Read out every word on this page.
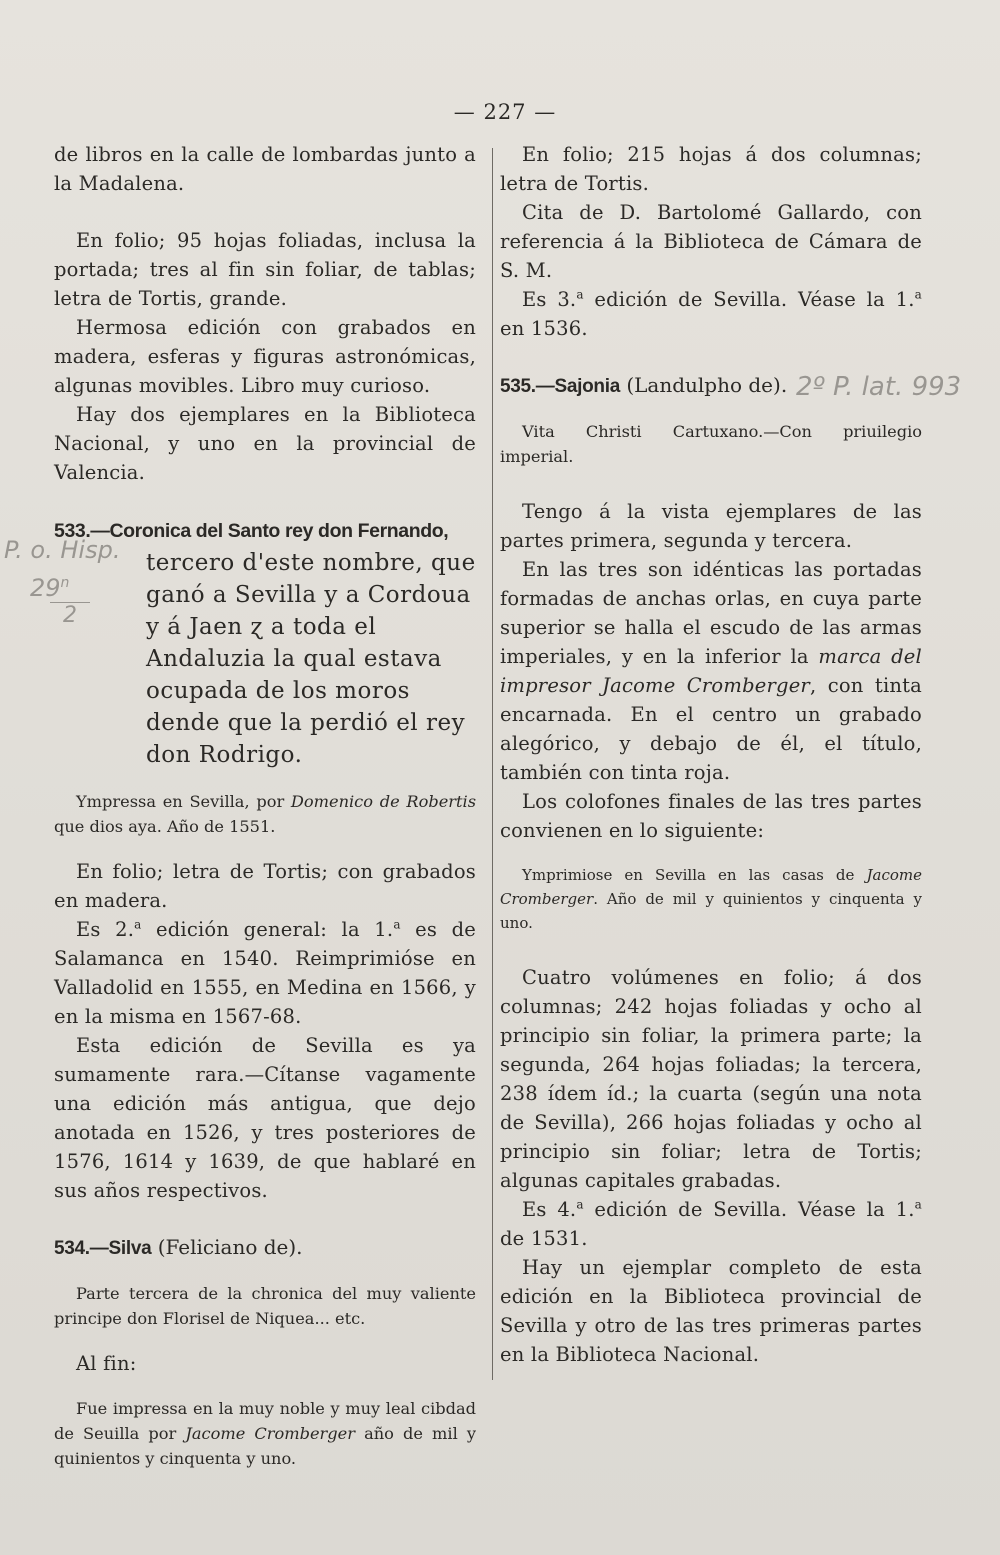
— 227 —
P. o. Hisp.
29$^n$
2
2º P. lat. 993

de libros en la calle de lombardas junto a la Madalena.

En folio; 95 hojas foliadas, inclusa la portada; tres al fin sin foliar, de tablas; letra de Tortis, grande.

Hermosa edición con grabados en madera, esferas y figuras astronómicas, algunas movibles. Libro muy curioso.

Hay dos ejemplares en la Biblioteca Nacional, y uno en la provincial de Valencia.

533.—Coronica del Santo rey don Fernando,
tercero d'este nombre, que ganó a Sevilla y a Cordoua y á Jaen ɀ a toda el Andaluzia la qual estava ocupada de los moros dende que la perdió el rey don Rodrigo.

Ympressa en Sevilla, por Domenico de Robertis que dios aya. Año de 1551.

En folio; letra de Tortis; con grabados en madera.

Es 2.$^a$ edición general: la 1.$^a$ es de Salamanca en 1540. Reimprimióse en Valladolid en 1555, en Medina en 1566, y en la misma en 1567-68.

Esta edición de Sevilla es ya sumamente rara.—Cítanse vagamente una edición más antigua, que dejo anotada en 1526, y tres posteriores de 1576, 1614 y 1639, de que hablaré en sus años respectivos.

534.—Silva (Feliciano de).

Parte tercera de la chronica del muy valiente principe don Florisel de Niquea... etc.

Al fin:

Fue impressa en la muy noble y muy leal cibdad de Seuilla por Jacome Cromberger año de mil y quinientos y cinquenta y uno.

En folio; 215 hojas á dos columnas; letra de Tortis.

Cita de D. Bartolomé Gallardo, con referencia á la Biblioteca de Cámara de S. M.

Es 3.$^a$ edición de Sevilla. Véase la 1.$^a$ en 1536.

535.—Sajonia (Landulpho de).

Vita Christi Cartuxano.—Con priuilegio imperial.

Tengo á la vista ejemplares de las partes primera, segunda y tercera.

En las tres son idénticas las portadas formadas de anchas orlas, en cuya parte superior se halla el escudo de las armas imperiales, y en la inferior la marca del impresor Jacome Cromberger, con tinta encarnada. En el centro un grabado alegórico, y debajo de él, el título, también con tinta roja.

Los colofones finales de las tres partes convienen en lo siguiente:

Ymprimiose en Sevilla en las casas de Jacome Cromberger. Año de mil y quinientos y cinquenta y uno.

Cuatro volúmenes en folio; á dos columnas; 242 hojas foliadas y ocho al principio sin foliar, la primera parte; la segunda, 264 hojas foliadas; la tercera, 238 ídem íd.; la cuarta (según una nota de Sevilla), 266 hojas foliadas y ocho al principio sin foliar; letra de Tortis; algunas capitales grabadas.

Es 4.$^a$ edición de Sevilla. Véase la 1.$^a$ de 1531.

Hay un ejemplar completo de esta edición en la Biblioteca provincial de Sevilla y otro de las tres primeras partes en la Biblioteca Nacional.
